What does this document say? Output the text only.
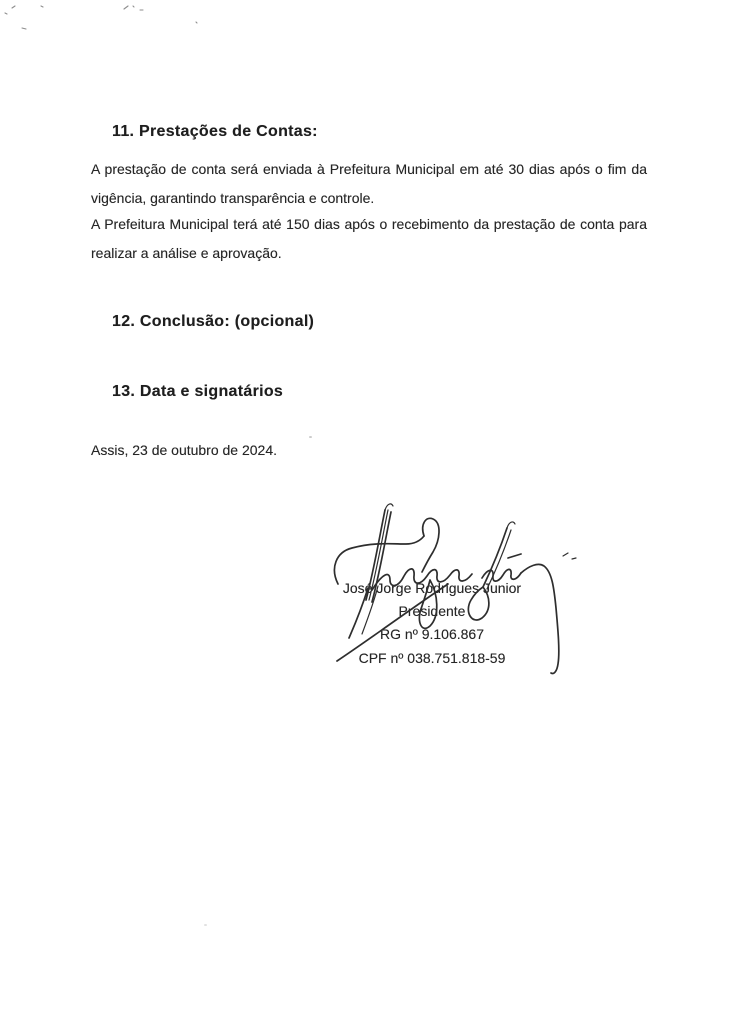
11. Prestações de Contas:
A prestação de conta será enviada à Prefeitura Municipal em até 30 dias após o fim da
vigência, garantindo transparência e controle.
A Prefeitura Municipal terá até 150 dias após o recebimento da prestação de conta para
realizar a análise e aprovação.
12. Conclusão: (opcional)
13. Data e signatários
Assis, 23 de outubro de 2024.
José Jorge Rodrigues Junior
Presidente
RG nº 9.106.867
CPF nº 038.751.818-59
